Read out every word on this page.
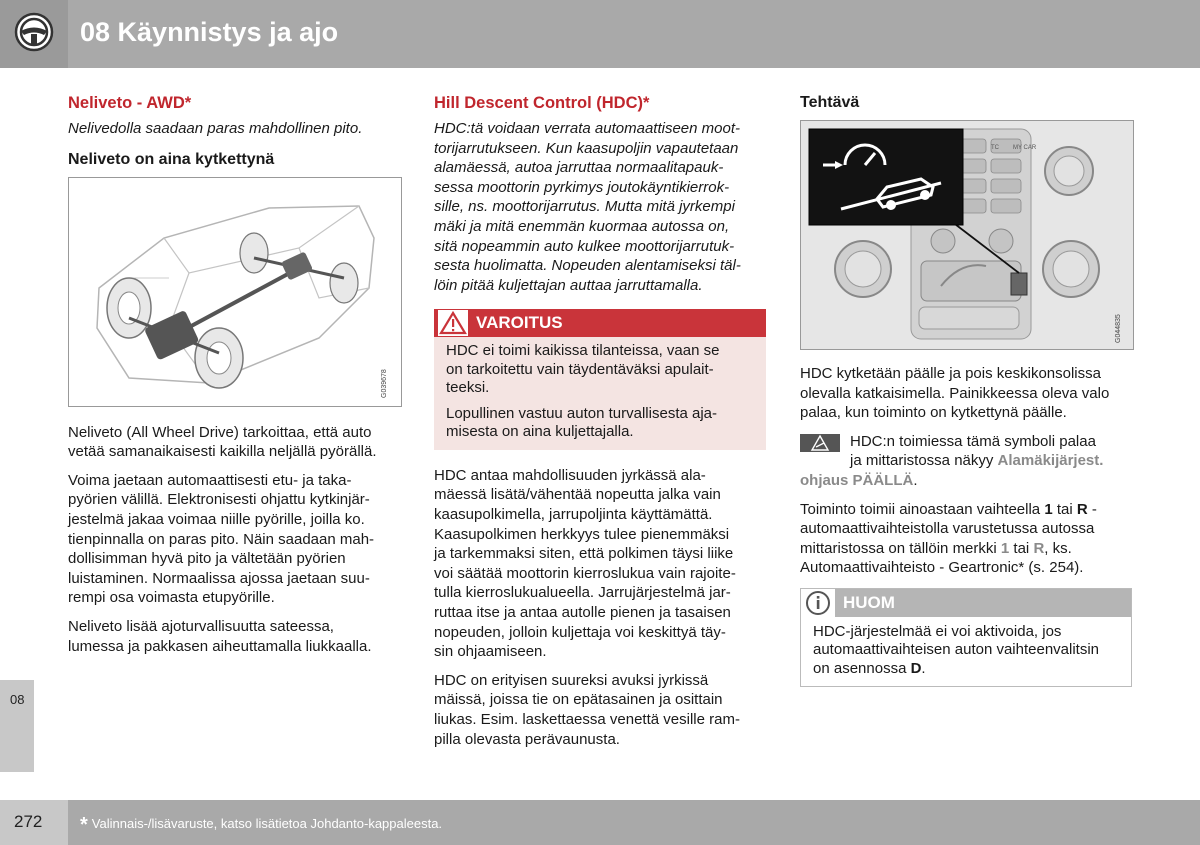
08 Käynnistys ja ajo
08
Neliveto - AWD*
Nelivedolla saadaan paras mahdollinen pito.
Neliveto on aina kytkettynä
G039678
Neliveto (All Wheel Drive) tarkoittaa, että auto
vetää samanaikaisesti kaikilla neljällä pyörällä.
Voima jaetaan automaattisesti etu- ja taka-
pyörien välillä. Elektronisesti ohjattu kytkinjär-
jestelmä jakaa voimaa niille pyörille, joilla ko.
tienpinnalla on paras pito. Näin saadaan mah-
dollisimman hyvä pito ja vältetään pyörien
luistaminen. Normaalissa ajossa jaetaan suu-
rempi osa voimasta etupyörille.
Neliveto lisää ajoturvallisuutta sateessa,
lumessa ja pakkasen aiheuttamalla liukkaalla.
Hill Descent Control (HDC)*
HDC:tä voidaan verrata automaattiseen moot-
torijarrutukseen. Kun kaasupoljin vapautetaan
alamäessä, autoa jarruttaa normaalitapauk-
sessa moottorin pyrkimys joutokäyntikierrok-
sille, ns. moottorijarrutus. Mutta mitä jyrkempi
mäki ja mitä enemmän kuormaa autossa on,
sitä nopeammin auto kulkee moottorijarrutuk-
sesta huolimatta. Nopeuden alentamiseksi täl-
löin pitää kuljettajan auttaa jarruttamalla.
VAROITUS
HDC ei toimi kaikissa tilanteissa, vaan se
on tarkoitettu vain täydentäväksi apulait-
teeksi.
Lopullinen vastuu auton turvallisesta aja-
misesta on aina kuljettajalla.
HDC antaa mahdollisuuden jyrkässä ala-
mäessä lisätä/vähentää nopeutta jalka vain
kaasupolkimella, jarrupoljinta käyttämättä.
Kaasupolkimen herkkyys tulee pienemmäksi
ja tarkemmaksi siten, että polkimen täysi liike
voi säätää moottorin kierroslukua vain rajoite-
tulla kierroslukualueella. Jarrujärjestelmä jar-
ruttaa itse ja antaa autolle pienen ja tasaisen
nopeuden, jolloin kuljettaja voi keskittyä täy-
sin ohjaamiseen.
HDC on erityisen suureksi avuksi jyrkissä
mäissä, joissa tie on epätasainen ja osittain
liukas. Esim. laskettaessa venettä vesille ram-
pilla olevasta perävaunusta.
Tehtävä
TC MY CAR
G044835
HDC kytketään päälle ja pois keskikonsolissa
olevalla katkaisimella. Painikkeessa oleva valo
palaa, kun toiminto on kytkettynä päälle.
HDC:n toimiessa tämä symboli palaa
ja mittaristossa näkyy Alamäkijärjest.
ohjaus PÄÄLLÄ.
Toiminto toimii ainoastaan vaihteella 1 tai R -
automaattivaihteistolla varustetussa autossa
mittaristossa on tällöin merkki 1 tai R, ks.
Automaattivaihteisto - Geartronic* (s. 254).
HUOM
HDC-järjestelmää ei voi aktivoida, jos
automaattivaihteisen auton vaihteenvalitsin
on asennossa D.
272 * Valinnais-/lisävaruste, katso lisätietoa Johdanto-kappaleesta.
